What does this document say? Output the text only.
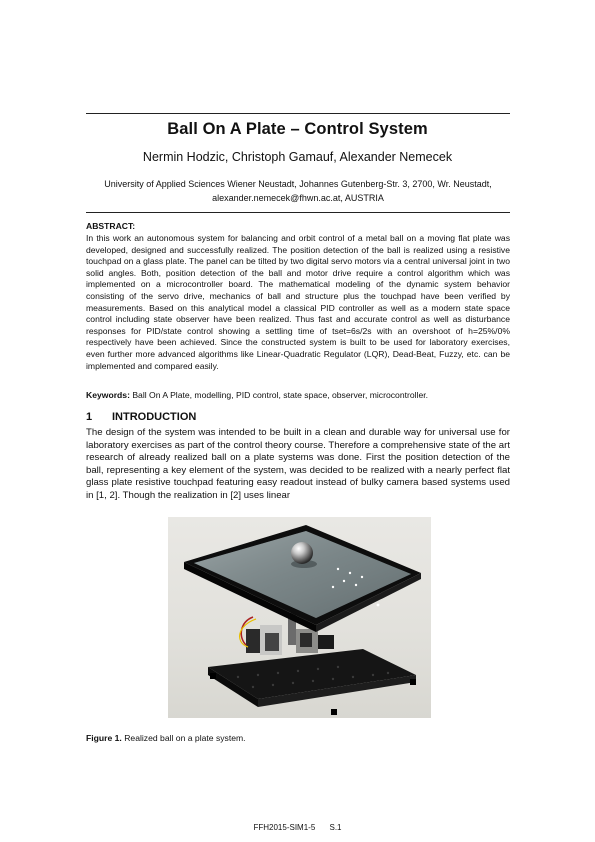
Ball On A Plate – Control System
Nermin Hodzic, Christoph Gamauf, Alexander Nemecek
University of Applied Sciences Wiener Neustadt, Johannes Gutenberg-Str. 3, 2700, Wr. Neustadt,
alexander.nemecek@fhwn.ac.at, AUSTRIA
ABSTRACT:
In this work an autonomous system for balancing and orbit control of a metal ball on a moving flat plate was developed, designed and successfully realized. The position detection of the ball is realized using a resistive touchpad on a glass plate. The panel can be tilted by two digital servo motors via a central universal joint in two solid angles. Both, position detection of the ball and motor drive require a control algorithm which was implemented on a microcontroller board. The mathematical modeling of the dynamic system behavior consisting of the servo drive, mechanics of ball and structure plus the touchpad have been verified by measurements. Based on this analytical model a classical PID controller as well as a modern state space control including state observer have been realized. Thus fast and accurate control as well as disturbance responses for PID/state control showing a settling time of tset=6s/2s with an overshoot of h=25%/0% respectively have been achieved. Since the constructed system is built to be used for laboratory exercises, even further more advanced algorithms like Linear-Quadratic Regulator (LQR), Dead-Beat, Fuzzy, etc. can be implemented and compared easily.
Keywords: Ball On A Plate, modelling, PID control, state space, observer, microcontroller.
1 INTRODUCTION
The design of the system was intended to be built in a clean and durable way for universal use for laboratory exercises as part of the control theory course. Therefore a comprehensive state of the art research of already realized ball on a plate systems was done. First the position detection of the ball, representing a key element of the system, was decided to be realized with a nearly perfect flat glass plate resistive touchpad featuring easy readout instead of bulky camera based systems used in [1, 2]. Though the realization in [2] uses linear
Figure 1. Realized ball on a plate system.
FFH2015-SIM1-5 S.1
